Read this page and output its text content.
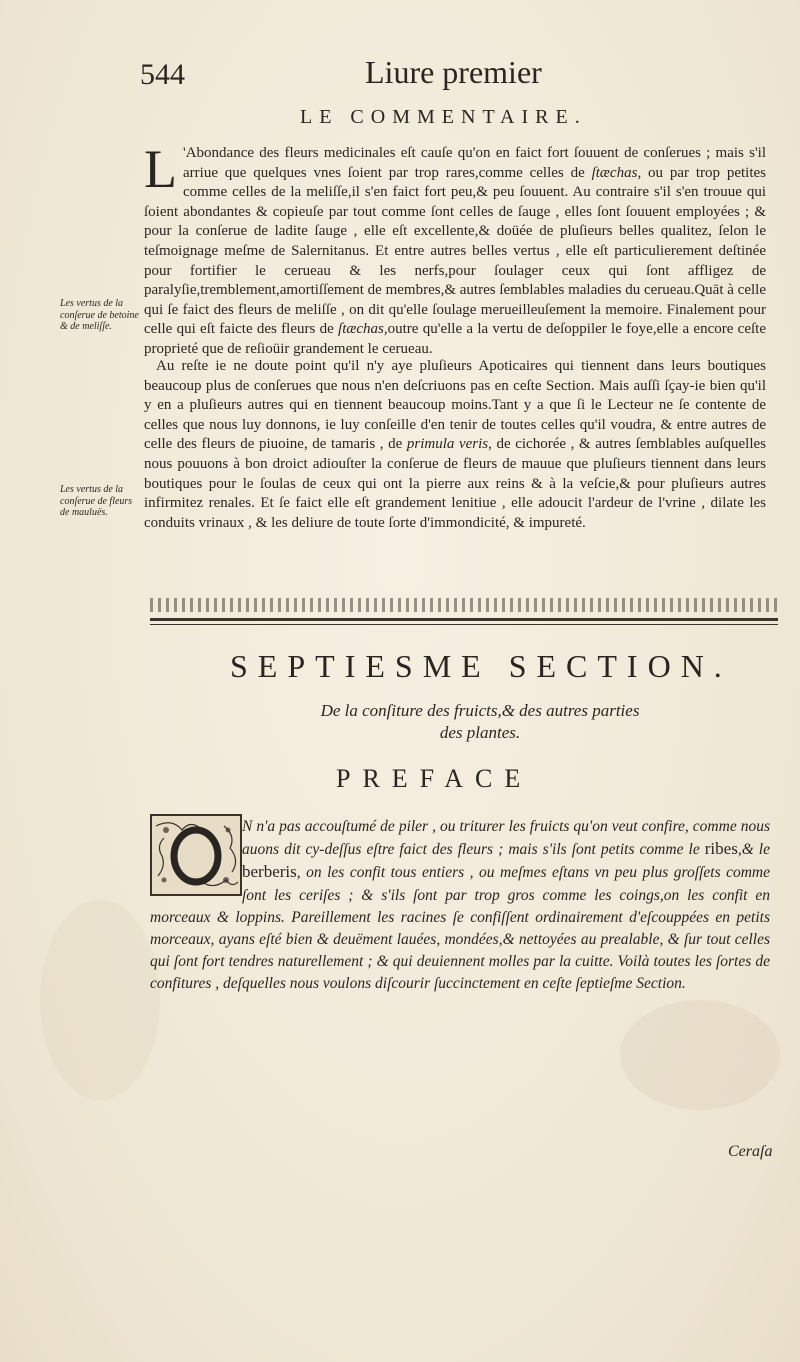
544	Liure premier
LE COMMENTAIRE.
Les vertus de la conſerue de betoine & de meliſſe.
Les vertus de la conſerue de fleurs de mauluës.

L 'Abondance des fleurs medicinales eſt cauſe qu'on en faict fort ſouuent de conſerues ; mais s'il arriue que quelques vnes ſoient par trop rares,comme celles de ſtæchas, ou par trop petites comme celles de la meliſſe,il s'en faict fort peu,& peu ſouuent. Au contraire s'il s'en trouue qui ſoient abondantes & copieuſe par tout comme ſont celles de ſauge , elles ſont ſouuent employées ; & pour la conſerue de ladite ſauge , elle eſt excellente,& doüée de pluſieurs belles qualitez, ſelon le teſmoignage meſme de Salernitanus. Et entre autres belles vertus , elle eſt particulierement deſtinée pour fortifier le cerueau & les nerfs,pour ſoulager ceux qui ſont affligez de paralyſie,tremblement,amortiſſement de membres,& autres ſemblables maladies du cerueau.Quāt à celle qui ſe faict des fleurs de meliſſe , on dit qu'elle ſoulage merueilleuſement la memoire. Finalement pour celle qui eſt faicte des fleurs de ſtæchas,outre qu'elle a la vertu de deſoppiler le foye,elle a encore ceſte proprieté que de reſioüir grandement le cerueau.

Au reſte ie ne doute point qu'il n'y aye pluſieurs Apoticaires qui tiennent dans leurs boutiques beaucoup plus de conſerues que nous n'en deſcriuons pas en ceſte Section. Mais auſſi ſçay-ie bien qu'il y en a pluſieurs autres qui en tiennent beaucoup moins.Tant y a que ſi le Lecteur ne ſe contente de celles que nous luy donnons, ie luy conſeille d'en tenir de toutes celles qu'il voudra, & entre autres de celle des fleurs de piuoine, de tamaris , de primula veris, de cichorée , & autres ſemblables auſquelles nous pouuons à bon droict adiouſter la conſerue de fleurs de mauue que pluſieurs tiennent dans leurs boutiques pour le ſoulas de ceux qui ont la pierre aux reins & à la veſcie,& pour pluſieurs autres infirmitez renales. Et ſe faict elle eſt grandement lenitiue , elle adoucit l'ardeur de l'vrine , dilate les conduits vrinaux , & les deliure de toute ſorte d'immondicité, & impureté.

SEPTIESME SECTION.
De la conſiture des fruicts,& des autres parties
des plantes.
PREFACE
N n'a pas accouſtumé de piler , ou triturer les fruicts qu'on veut confire, comme nous auons dit cy-deſſus eſtre faict des fleurs ; mais s'ils ſont petits comme le ribes,& le berberis, on les confit tous entiers , ou meſmes eſtans vn peu plus groſſets comme ſont les ceriſes ; & s'ils ſont par trop gros comme les coings,on les confit en morceaux & loppins. Pareillement les racines ſe confiſſent ordinairement d'eſcouppées en petits morceaux, ayans eſté bien & deuëment lauées, mondées,& nettoyées au prealable, & ſur tout celles qui ſont fort tendres naturellement ; & qui deuiennent molles par la cuitte. Voilà toutes les ſortes de confitures , deſquelles nous voulons diſcourir ſuccinctement en ceſte ſeptieſme Section.
Ceraſa
